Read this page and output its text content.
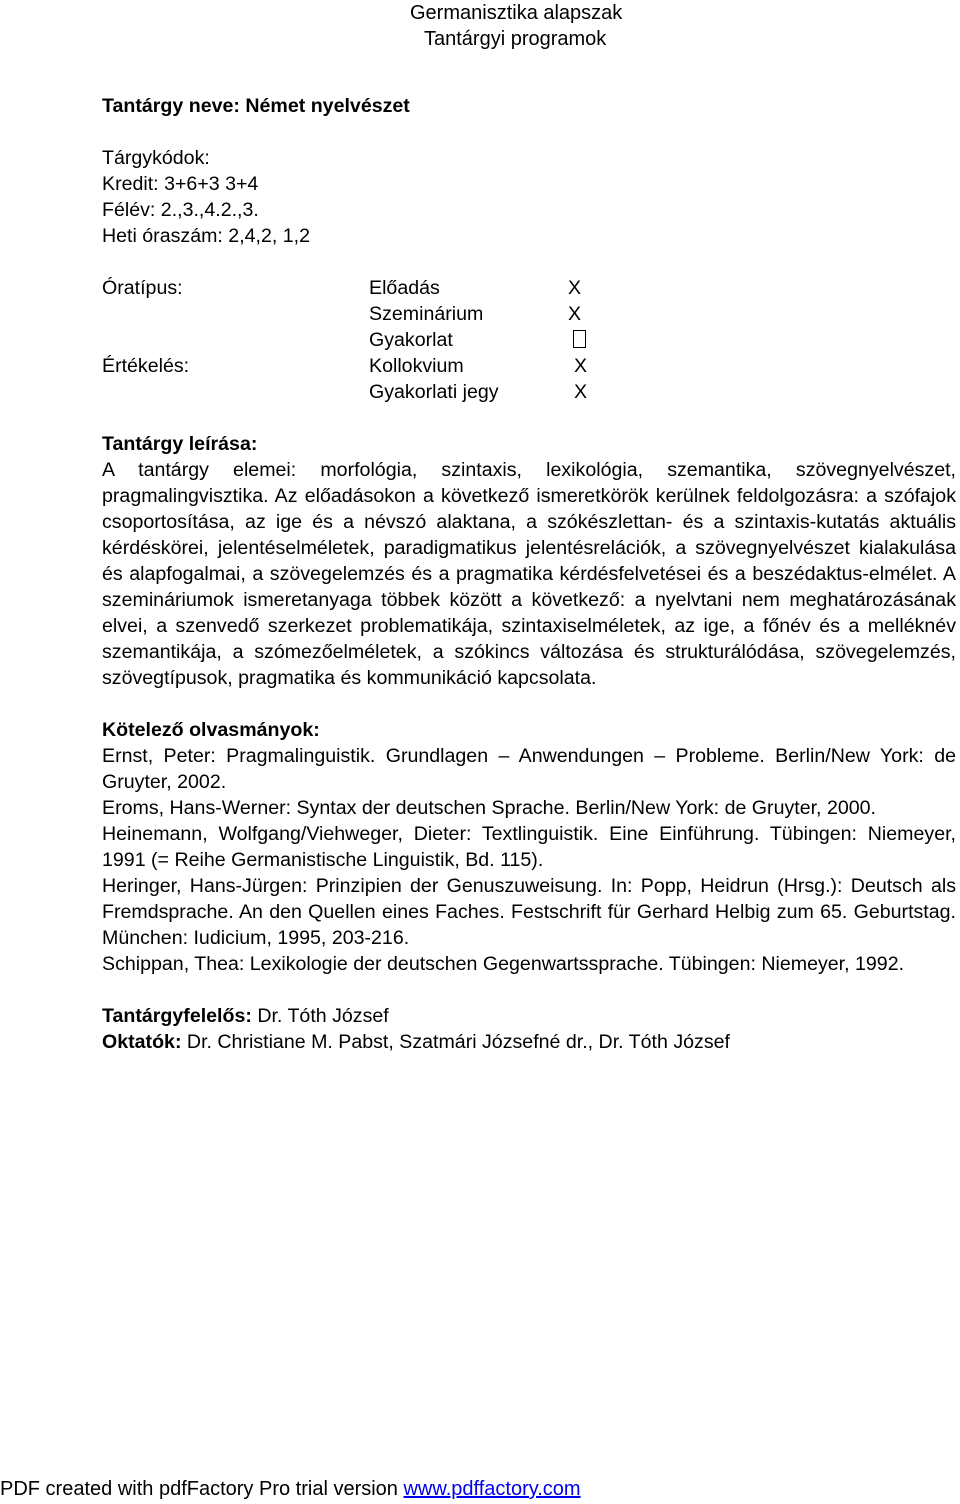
Germanisztika alapszak
Tantárgyi programok
Tantárgy neve: Német nyelvészet
Tárgykódok:
Kredit: 3+6+3 3+4
Félév: 2.,3.,4.2.,3.
Heti óraszám: 2,4,2, 1,2
Óratípus:	Előadás	X
Szeminárium	X
Gyakorlat
Értékelés:	Kollokvium	X
Gyakorlati jegy	X
Tantárgy leírása:

A tantárgy elemei: morfológia, szintaxis, lexikológia, szemantika, szövegnyelvészet, pragmalingvisztika. Az előadásokon a következő ismeretkörök kerülnek feldolgozásra: a szófajok csoportosítása, az ige és a névszó alaktana, a szókészlettan- és a szintaxis-kutatás aktuális kérdéskörei, jelentéselméletek, paradigmatikus jelentésrelációk, a szövegnyelvészet kialakulása és alapfogalmai, a szövegelemzés és a pragmatika kérdésfelvetései és a beszédaktus-elmélet. A szemináriumok ismeretanyaga többek között a következő: a nyelvtani nem meghatározásának elvei, a szenvedő szerkezet problematikája, szintaxiselméletek, az ige, a főnév és a melléknév szemantikája, a szómezőelméletek, a szókincs változása és strukturálódása, szövegelemzés, szövegtípusok, pragmatika és kommunikáció kapcsolata.

Kötelező olvasmányok:

Ernst, Peter: Pragmalinguistik. Grundlagen – Anwendungen – Probleme. Berlin/New York: de Gruyter, 2002.

Eroms, Hans-Werner: Syntax der deutschen Sprache. Berlin/New York: de Gruyter, 2000.

Heinemann, Wolfgang/Viehweger, Dieter: Textlinguistik. Eine Einführung. Tübingen: Niemeyer, 1991 (= Reihe Germanistische Linguistik, Bd. 115).

Heringer, Hans-Jürgen: Prinzipien der Genuszuweisung. In: Popp, Heidrun (Hrsg.): Deutsch als Fremdsprache. An den Quellen eines Faches. Festschrift für Gerhard Helbig zum 65. Geburtstag. München: Iudicium, 1995, 203-216.

Schippan, Thea: Lexikologie der deutschen Gegenwartssprache. Tübingen: Niemeyer, 1992.

Tantárgyfelelős: Dr. Tóth József
Oktatók: Dr. Christiane M. Pabst, Szatmári Józsefné dr., Dr. Tóth József
PDF created with pdfFactory Pro trial version www.pdffactory.com
